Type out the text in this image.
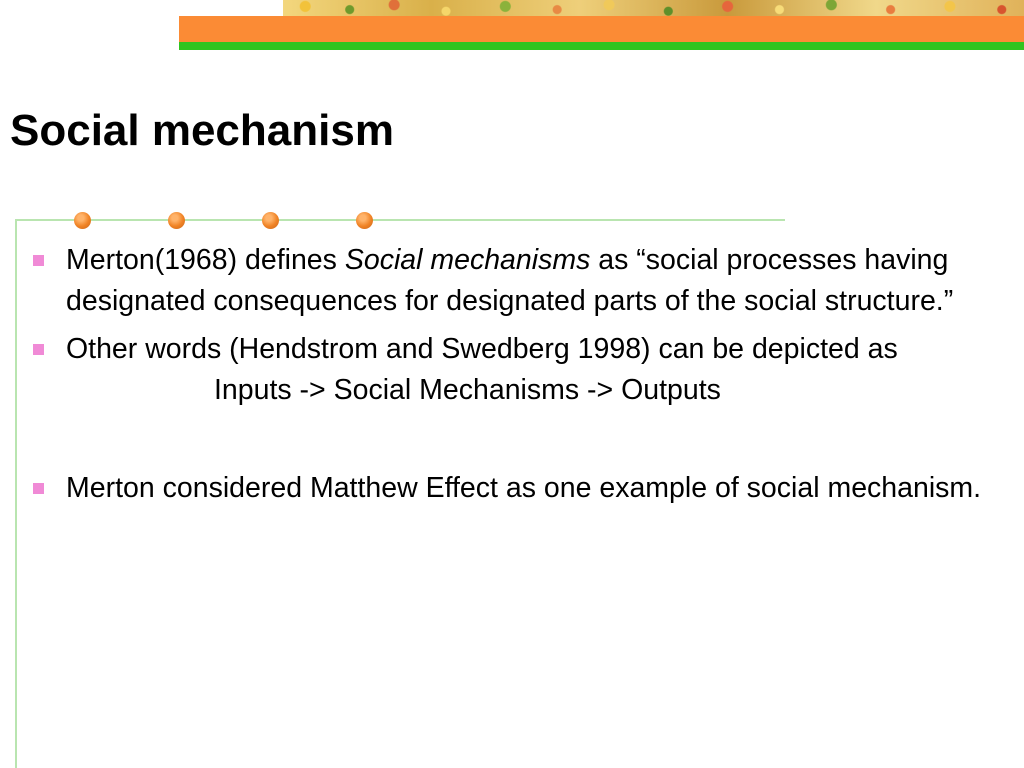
Social mechanism
Merton(1968) defines Social mechanisms as “social processes having designated consequences for designated parts of the social structure.”
Other words (Hendstrom and Swedberg 1998) can be depicted as
Inputs -> Social Mechanisms -> Outputs
Merton considered Matthew Effect as one example of social mechanism.
